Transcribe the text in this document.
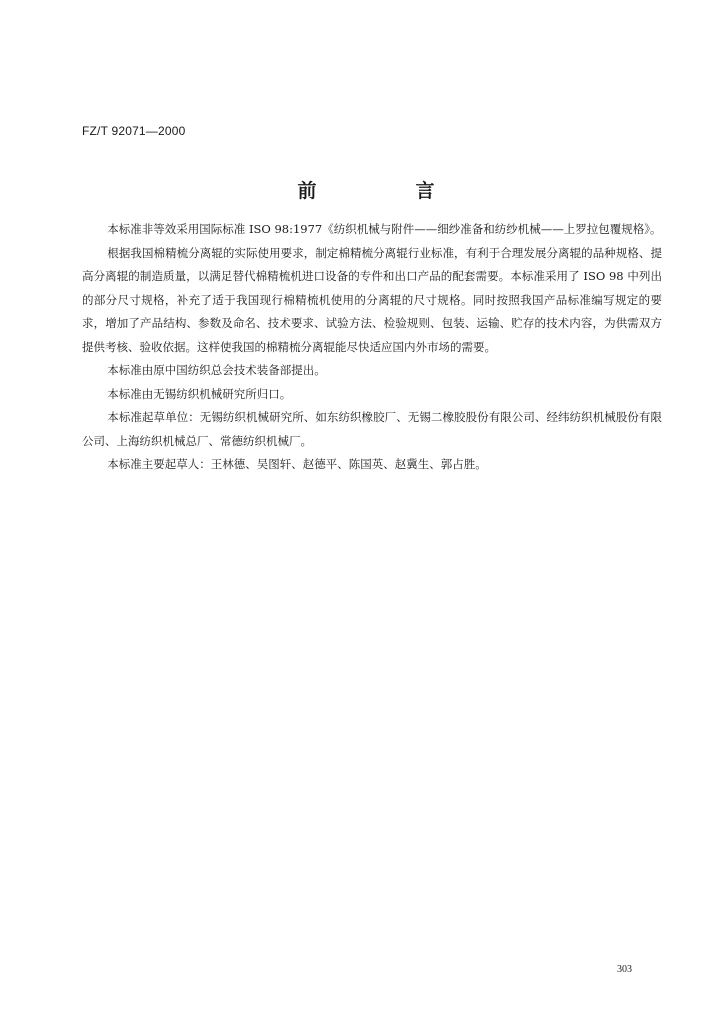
FZ/T 92071—2000
前　言

本标准非等效采用国际标准 ISO 98:1977《纺织机械与附件——细纱准备和纺纱机械——上罗拉包覆规格》。

根据我国棉精梳分离辊的实际使用要求，制定棉精梳分离辊行业标准，有利于合理发展分离辊的品种规格、提高分离辊的制造质量，以满足替代棉精梳机进口设备的专件和出口产品的配套需要。本标准采用了 ISO 98 中列出的部分尺寸规格，补充了适于我国现行棉精梳机使用的分离辊的尺寸规格。同时按照我国产品标准编写规定的要求，增加了产品结构、参数及命名、技术要求、试验方法、检验规则、包装、运输、贮存的技术内容，为供需双方提供考核、验收依据。这样使我国的棉精梳分离辊能尽快适应国内外市场的需要。

本标准由原中国纺织总会技术装备部提出。

本标准由无锡纺织机械研究所归口。

本标准起草单位：无锡纺织机械研究所、如东纺织橡胶厂、无锡二橡胶股份有限公司、经纬纺织机械股份有限公司、上海纺织机械总厂、常德纺织机械厂。

本标准主要起草人：王林德、吴图轩、赵德平、陈国英、赵冀生、郭占胜。

303
